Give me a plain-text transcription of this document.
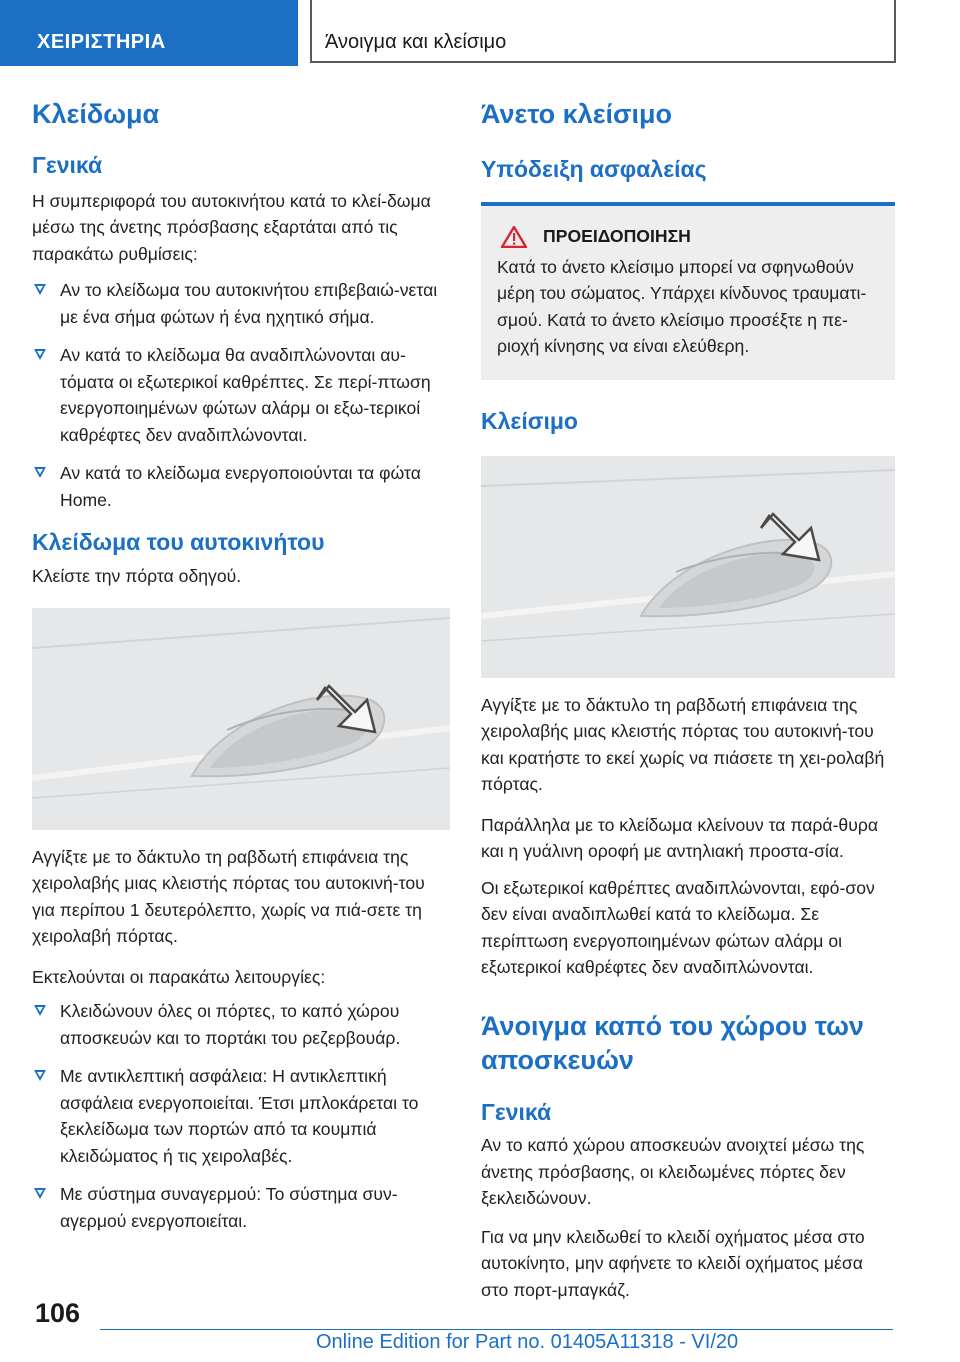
ΧΕΙΡΙΣΤΗΡΙΑ	Άνοιγμα και κλείσιμο
Κλείδωμα
Γενικά

Η συμπεριφορά του αυτοκινήτου κατά το κλεί-δωμα μέσω της άνετης πρόσβασης εξαρτάται από τις παρακάτω ρυθμίσεις:

Αν το κλείδωμα του αυτοκινήτου επιβεβαιώ-νεται με ένα σήμα φώτων ή ένα ηχητικό σήμα.
Αν κατά το κλείδωμα θα αναδιπλώνονται αυ-τόματα οι εξωτερικοί καθρέπτες. Σε περί-πτωση ενεργοποιημένων φώτων αλάρμ οι εξω-τερικοί καθρέφτες δεν αναδιπλώνονται.
Αν κατά το κλείδωμα ενεργοποιούνται τα φώτα Home.
Κλείδωμα του αυτοκινήτου

Κλείστε την πόρτα οδηγού.

Αγγίξτε με το δάκτυλο τη ραβδωτή επιφάνεια της χειρολαβής μιας κλειστής πόρτας του αυτοκινή-του για περίπου 1 δευτερόλεπτο, χωρίς να πιά-σετε τη χειρολαβή πόρτας.

Εκτελούνται οι παρακάτω λειτουργίες:

Κλειδώνουν όλες οι πόρτες, το καπό χώρου αποσκευών και το πορτάκι του ρεζερβουάρ.
Με αντικλεπτική ασφάλεια: Η αντικλεπτική ασφάλεια ενεργοποιείται. Έτσι μπλοκάρεται το ξεκλείδωμα των πορτών από τα κουμπιά κλειδώματος ή τις χειρολαβές.
Με σύστημα συναγερμού: Το σύστημα συν-αγερμού ενεργοποιείται.
Άνετο κλείσιμο
Υπόδειξη ασφαλείας
ΠΡΟΕΙΔΟΠΟΙΗΣΗ

Κατά το άνετο κλείσιμο μπορεί να σφηνωθούν μέρη του σώματος. Υπάρχει κίνδυνος τραυματι-σμού. Κατά το άνετο κλείσιμο προσέξτε η πε-ριοχή κίνησης να είναι ελεύθερη.

Κλείσιμο

Αγγίξτε με το δάκτυλο τη ραβδωτή επιφάνεια της χειρολαβής μιας κλειστής πόρτας του αυτοκινή-του και κρατήστε το εκεί χωρίς να πιάσετε τη χει-ρολαβή πόρτας.

Παράλληλα με το κλείδωμα κλείνουν τα παρά-θυρα και η γυάλινη οροφή με αντηλιακή προστα-σία.

Οι εξωτερικοί καθρέπτες αναδιπλώνονται, εφό-σον δεν είναι αναδιπλωθεί κατά το κλείδωμα. Σε περίπτωση ενεργοποιημένων φώτων αλάρμ οι εξωτερικοί καθρέφτες δεν αναδιπλώνονται.

Άνοιγμα καπό του χώρου των αποσκευών
Γενικά

Αν το καπό χώρου αποσκευών ανοιχτεί μέσω της άνετης πρόσβασης, οι κλειδωμένες πόρτες δεν ξεκλειδώνουν.

Για να μην κλειδωθεί το κλειδί οχήματος μέσα στο αυτοκίνητο, μην αφήνετε το κλειδί οχήματος μέσα στο πορτ-μπαγκάζ.

106
Online Edition for Part no. 01405A11318 - VI/20
